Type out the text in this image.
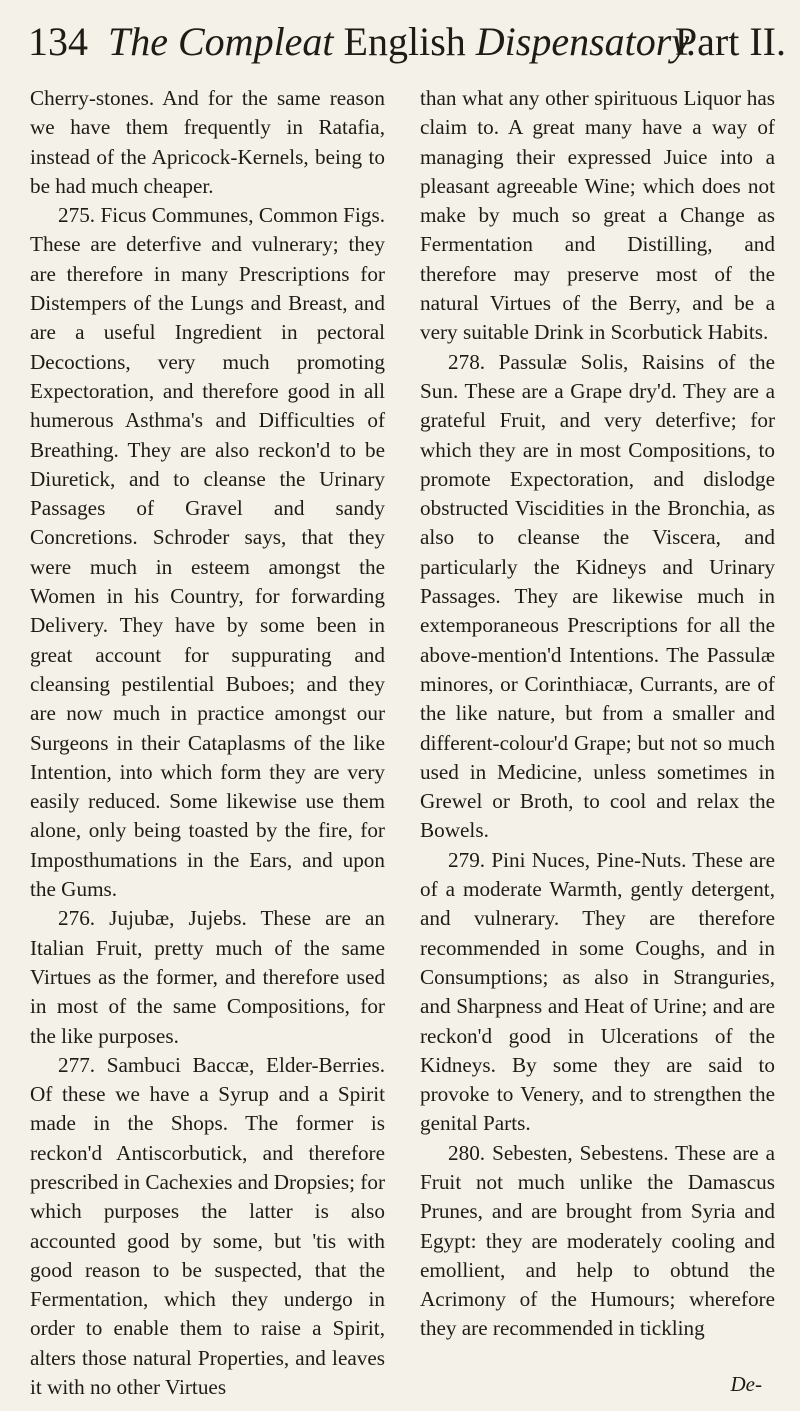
134 The Compleat English Dispensatory.
Part II.

Cherry-stones. And for the same reason we have them frequently in Ratafia, instead of the Apricock-Kernels, being to be had much cheaper.

275. Ficus Communes, Common Figs. These are deterfive and vulnerary; they are therefore in many Prescriptions for Distempers of the Lungs and Breast, and are a useful Ingredient in pectoral Decoctions, very much promoting Expectoration, and therefore good in all humerous Asthma's and Difficulties of Breathing. They are also reckon'd to be Diuretick, and to cleanse the Urinary Passages of Gravel and sandy Concretions. Schroder says, that they were much in esteem amongst the Women in his Country, for forwarding Delivery. They have by some been in great account for suppurating and cleansing pestilential Buboes; and they are now much in practice amongst our Surgeons in their Cataplasms of the like Intention, into which form they are very easily reduced. Some likewise use them alone, only being toasted by the fire, for Imposthumations in the Ears, and upon the Gums.

276. Jujubæ, Jujebs. These are an Italian Fruit, pretty much of the same Virtues as the former, and therefore used in most of the same Compositions, for the like purposes.

277. Sambuci Baccæ, Elder-Berries. Of these we have a Syrup and a Spirit made in the Shops. The former is reckon'd Antiscorbutick, and therefore prescribed in Cachexies and Dropsies; for which purposes the latter is also accounted good by some, but 'tis with good reason to be suspected, that the Fermentation, which they undergo in order to enable them to raise a Spirit, alters those natural Properties, and leaves it with no other Virtues

than what any other spirituous Liquor has claim to. A great many have a way of managing their expressed Juice into a pleasant agreeable Wine; which does not make by much so great a Change as Fermentation and Distilling, and therefore may preserve most of the natural Virtues of the Berry, and be a very suitable Drink in Scorbutick Habits.

278. Passulæ Solis, Raisins of the Sun. These are a Grape dry'd. They are a grateful Fruit, and very deterfive; for which they are in most Compositions, to promote Expectoration, and dislodge obstructed Viscidities in the Bronchia, as also to cleanse the Viscera, and particularly the Kidneys and Urinary Passages. They are likewise much in extemporaneous Prescriptions for all the above-mention'd Intentions. The Passulæ minores, or Corinthiacæ, Currants, are of the like nature, but from a smaller and different-colour'd Grape; but not so much used in Medicine, unless sometimes in Grewel or Broth, to cool and relax the Bowels.

279. Pini Nuces, Pine-Nuts. These are of a moderate Warmth, gently detergent, and vulnerary. They are therefore recommended in some Coughs, and in Consumptions; as also in Stranguries, and Sharpness and Heat of Urine; and are reckon'd good in Ulcerations of the Kidneys. By some they are said to provoke to Venery, and to strengthen the genital Parts.

280. Sebesten, Sebestens. These are a Fruit not much unlike the Damascus Prunes, and are brought from Syria and Egypt: they are moderately cooling and emollient, and help to obtund the Acrimony of the Humours; wherefore they are recommended in tickling

De-
